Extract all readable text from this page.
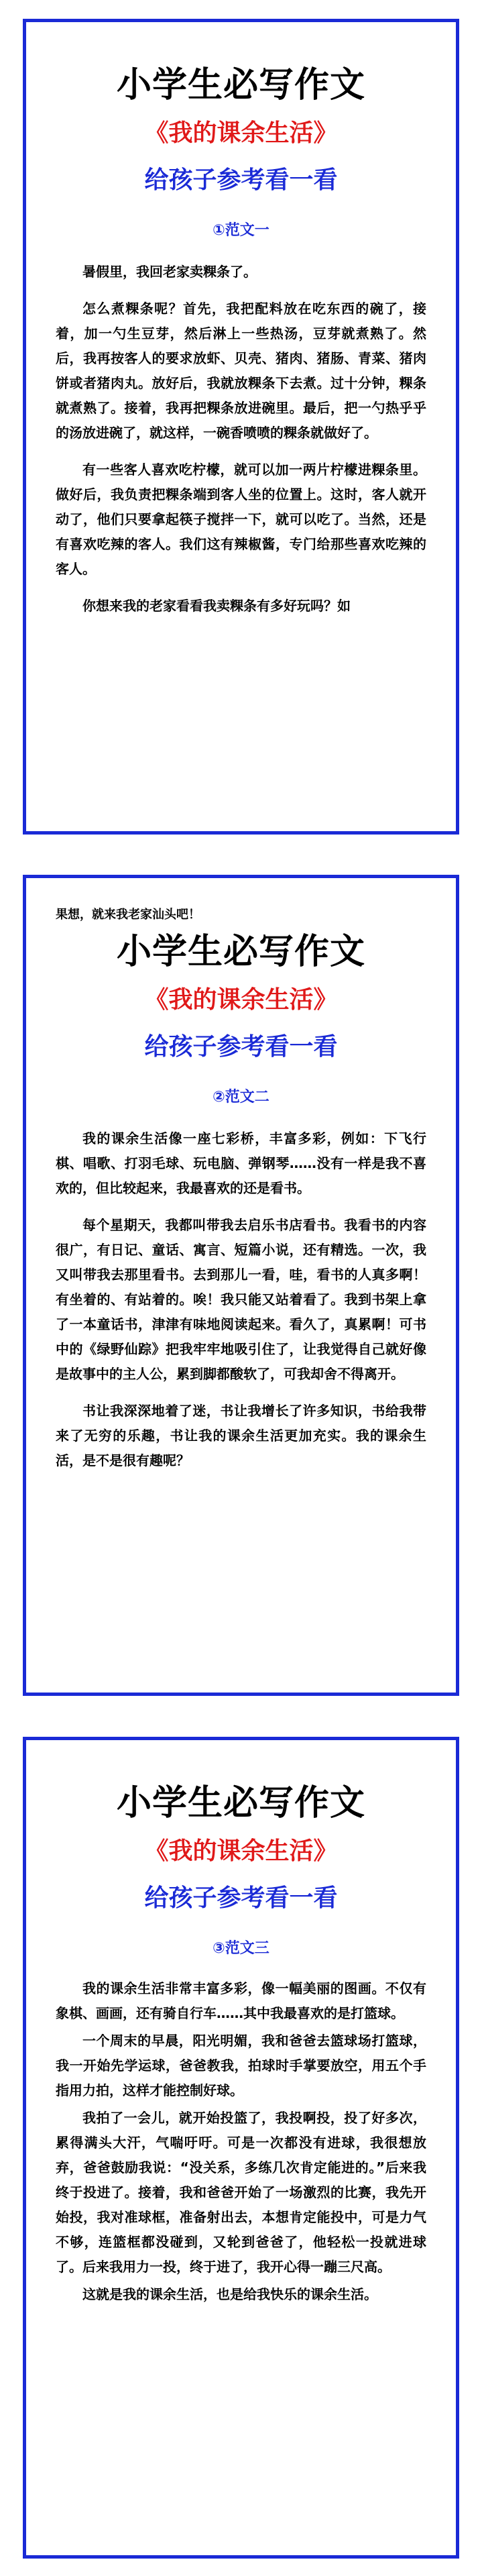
小学生必写作文
《我的课余生活》
给孩子参考看一看
①范文一

暑假里，我回老家卖粿条了。

怎么煮粿条呢？首先，我把配料放在吃东西的碗了，接着，加一勺生豆芽，然后淋上一些热汤，豆芽就煮熟了。然后，我再按客人的要求放虾、贝壳、猪肉、猪肠、青菜、猪肉饼或者猪肉丸。放好后，我就放粿条下去煮。过十分钟，粿条就煮熟了。接着，我再把粿条放进碗里。最后，把一勺热乎乎的汤放进碗了，就这样，一碗香喷喷的粿条就做好了。

有一些客人喜欢吃柠檬，就可以加一两片柠檬进粿条里。做好后，我负责把粿条端到客人坐的位置上。这时，客人就开动了，他们只要拿起筷子搅拌一下，就可以吃了。当然，还是有喜欢吃辣的客人。我们这有辣椒酱，专门给那些喜欢吃辣的客人。

你想来我的老家看看我卖粿条有多好玩吗？如

果想，就来我老家汕头吧！

小学生必写作文
《我的课余生活》
给孩子参考看一看
②范文二

我的课余生活像一座七彩桥，丰富多彩，例如：下飞行棋、唱歌、打羽毛球、玩电脑、弹钢琴……没有一样是我不喜欢的，但比较起来，我最喜欢的还是看书。

每个星期天，我都叫带我去启乐书店看书。我看书的内容很广，有日记、童话、寓言、短篇小说，还有精选。一次，我又叫带我去那里看书。去到那儿一看，哇，看书的人真多啊！有坐着的、有站着的。唉！我只能又站着看了。我到书架上拿了一本童话书，津津有味地阅读起来。看久了，真累啊！可书中的《绿野仙踪》把我牢牢地吸引住了，让我觉得自己就好像是故事中的主人公，累到脚都酸软了，可我却舍不得离开。

书让我深深地着了迷，书让我增长了许多知识，书给我带来了无穷的乐趣，书让我的课余生活更加充实。我的课余生活，是不是很有趣呢？

小学生必写作文
《我的课余生活》
给孩子参考看一看
③范文三

我的课余生活非常丰富多彩，像一幅美丽的图画。不仅有象棋、画画，还有骑自行车……其中我最喜欢的是打篮球。

一个周末的早晨，阳光明媚，我和爸爸去篮球场打篮球，我一开始先学运球，爸爸教我，拍球时手掌要放空，用五个手指用力拍，这样才能控制好球。

我拍了一会儿，就开始投篮了，我投啊投，投了好多次，累得满头大汗，气喘吁吁。可是一次都没有进球，我很想放弃，爸爸鼓励我说：“没关系，多练几次肯定能进的。”后来我终于投进了。接着，我和爸爸开始了一场激烈的比赛，我先开始投，我对准球框，准备射出去，本想肯定能投中，可是力气不够，连篮框都没碰到，又轮到爸爸了，他轻松一投就进球了。后来我用力一投，终于进了，我开心得一蹦三尺高。

这就是我的课余生活，也是给我快乐的课余生活。
